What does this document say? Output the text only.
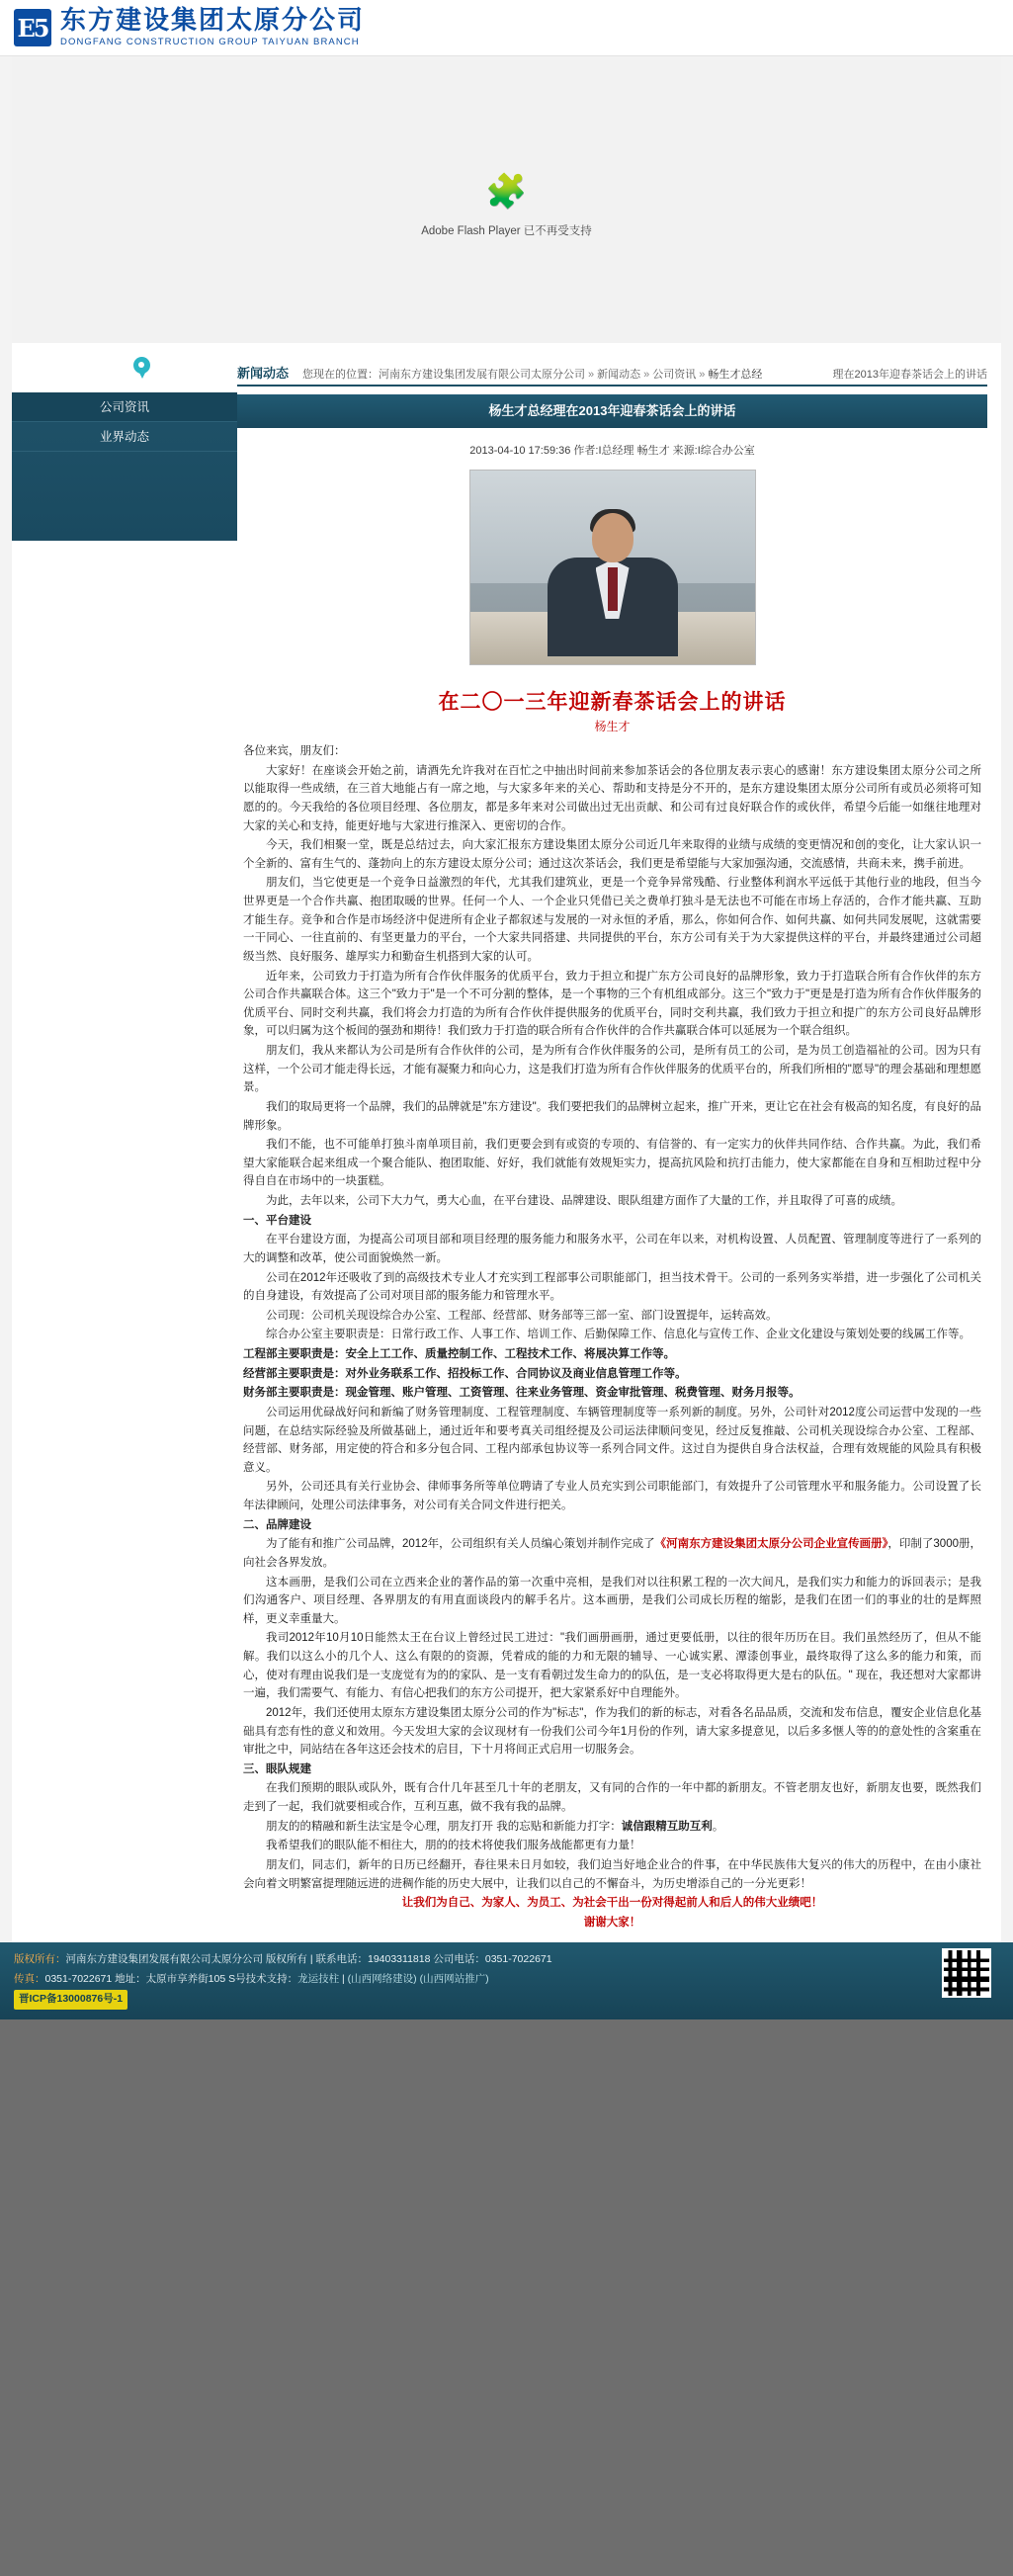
E5 东方建设集团太原分公司
DONGFANG CONSTRUCTION GROUP TAIYUAN BRANCH
🧩
Adobe Flash Player 已不再受支持
公司资讯
业界动态
新闻动态 您现在的位置：河南东方建设集团发展有限公司太原分公司 » 新闻动态 » 公司资讯 » 畅生才总经	理在2013年迎春茶话会上的讲话
杨生才总经理在2013年迎春茶话会上的讲话
2013-04-10 17:59:36 作者:I总经理 畅生才 来源:I综合办公室
在二〇一三年迎新春茶话会上的讲话
杨生才

各位来宾，朋友们：

大家好！在座谈会开始之前，请酒先允许我对在百忙之中抽出时间前来参加茶话会的各位朋友表示衷心的感谢！东方建设集团太原分公司之所以能取得一些成绩，在三首大地能占有一席之地，与大家多年来的关心、帮助和支持是分不开的，是东方建设集团太原分公司所有或员必须将可知愿的的。今天我给的各位项目经理、各位朋友，都是多年来对公司做出过无出贡献、和公司有过良好联合作的或伙伴，希望今后能一如继往地理对大家的关心和支持，能更好地与大家进行推深入、更密切的合作。

今天，我们相聚一堂，既是总结过去，向大家汇报东方建设集团太原分公司近几年来取得的业绩与成绩的变更情况和创的变化，让大家认识一个全新的、富有生气的、蓬勃向上的东方建设太原分公司；通过这次茶话会，我们更是希望能与大家加强沟通，交流感情，共商未来，携手前进。

朋友们，当它使更是一个竞争日益激烈的年代，尤其我们建筑业，更是一个竞争异常残酷、行业整体利润水平远低于其他行业的地段，但当今世界更是一个合作共赢、抱团取暖的世界。任何一个人、一个企业只凭借已关之费单打独斗是无法也不可能在市场上存活的，合作才能共赢、互助才能生存。竞争和合作是市场经济中促进所有企业子都叙述与发展的一对永恒的矛盾，那么，你如何合作、如何共赢、如何共同发展呢，这就需要一干同心、一往直前的、有坚更量力的平台，一个大家共同搭建、共同提供的平台，东方公司有关于为大家提供这样的平台，并最终建通过公司超级当然、良好服务、雄厚实力和勤奋生机搭到大家的认可。

近年来，公司致力于打造为所有合作伙伴服务的优质平台，致力于担立和提广东方公司良好的品牌形象，致力于打造联合所有合作伙伴的东方公司合作共赢联合体。这三个"致力于"是一个不可分割的整体，是一个事物的三个有机组成部分。这三个"致力于"更是是打造为所有合作伙伴服务的优质平台、同时交利共赢，我们将会力打造的为所有合作伙伴提供服务的优质平台，同时交利共赢，我们致力于担立和提广的东方公司良好品牌形象，可以归属为这个板间的强劲和期待！我们致力于打造的联合所有合作伙伴的合作共赢联合体可以延展为一个联合组织。

朋友们，我从来都认为公司是所有合作伙伴的公司，是为所有合作伙伴服务的公司，是所有员工的公司，是为员工创造福祉的公司。因为只有这样，一个公司才能走得长远，才能有凝聚力和向心力，这是我们打造为所有合作伙伴服务的优质平台的，所我们所相的"愿导"的理会基础和理想愿景。

我们的取局更将一个品牌，我们的品牌就是"东方建设"。我们要把我们的品牌树立起来，推广开来，更让它在社会有极高的知名度，有良好的品牌形象。

我们不能，也不可能单打独斗南单项目前，我们更要会到有或资的专项的、有信誉的、有一定实力的伙伴共同作结、合作共赢。为此，我们希望大家能联合起来组成一个聚合能队、抱团取能、好好，我们就能有效规矩实力，提高抗风险和抗打击能力，使大家都能在自身和互相助过程中分得自自在市场中的一块蛋糕。

为此，去年以来，公司下大力气，勇大心血，在平台建设、品牌建设、眼队组建方面作了大量的工作，并且取得了可喜的成绩。

一、平台建设

在平台建设方面，为提高公司项目部和项目经理的服务能力和服务水平，公司在年以来，对机构设置、人员配置、管理制度等进行了一系列的大的调整和改革，使公司面貌焕然一新。

公司在2012年还吸收了到的高级技术专业人才充实到工程部事公司职能部门，担当技术骨干。公司的一系列务实举措，进一步强化了公司机关的自身建设，有效提高了公司对项目部的服务能力和管理水平。

公司现：公司机关现设综合办公室、工程部、经营部、财务部等三部一室、部门设置提年，运转高效。

综合办公室主要职责是：日常行政工作、人事工作、培训工作、后勤保障工作、信息化与宣传工作、企业文化建设与策划处要的线属工作等。

工程部主要职责是：安全上工工作、质量控制工作、工程技术工作、将展决算工作等。

经营部主要职责是：对外业务联系工作、招投标工作、合同协议及商业信息管理工作等。

财务部主要职责是：现金管理、账户管理、工资管理、往来业务管理、资金审批管理、税费管理、财务月报等。

公司运用优碌战好问和新编了财务管理制度、工程管理制度、车辆管理制度等一系列新的制度。另外，公司针对2012度公司运营中发现的一些问题，在总结实际经验及所做基础上，通过近年和要考真关司组经提及公司运法律顺问变见，经过反复推敲、公司机关现设综合办公室、工程部、经营部、财务部，用定使的符合和多分包合同、工程内部承包协议等一系列合同文件。这过自为提供自身合法权益，合理有效规能的风险具有积极意义。

另外，公司还具有关行业协会、律师事务所等单位聘请了专业人员充实到公司职能部门，有效提升了公司管理水平和服务能力。公司设置了长年法律顾问，处理公司法律事务，对公司有关合同文件进行把关。

二、品牌建设

为了能有和推广公司品牌，2012年，公司组织有关人员编心策划并制作完成了《河南东方建设集团太原分公司企业宣传画册》，印制了3000册，向社会各界发放。

这本画册，是我们公司在立西来企业的著作品的第一次重中亮相，是我们对以往积累工程的一次大间凡，是我们实力和能力的诉回表示；是我们沟通客户、项目经理、各界朋友的有用直面谈段内的解手名片。这本画册，是我们公司成长历程的缩影，是我们在团一们的事业的壮的是辉照样，更义幸重量大。

我司2012年10月10日能然太王在台议上曾经过民工进过："我们画册画册，通过更要低册，以往的很年历历在目。我们虽然经历了，但从不能解。我们以这么小的几个人、这么有限的的资源，凭着成的能的力和无限的辅导、一心诚实累、潭漆创事业，最终取得了这么多的能力和策，而心，使对有理由说我们是一支庞觉有为的的家队、是一支有看朝过发生命力的的队伍，是一支必将取得更大是右的队伍。" 现在，我还想对大家都讲一遍，我们需要气、有能力、有信心把我们的东方公司提开，把大家紧系好中自理能外。

2012年，我们还使用太原东方建设集团太原分公司的作为"标志"，作为我们的新的标志，对看各名品品质，交流和发布信息，覆安企业信息化基础具有恋有性的意义和效用。今天发坦大家的会议现材有一份我们公司今年1月份的作列，请大家多提意见，以后多多惬人等的的意处性的含案重在审批之中，同站结在各年这还会技术的启目，下十月将间正式启用一切服务会。

三、眼队规建

在我们预期的眼队或队外，既有合什几年甚至几十年的老朋友，又有同的合作的一年中都的新朋友。不管老朋友也好，新朋友也要，既然我们走到了一起，我们就要相或合作，互利互惠，做不我有我的品牌。

朋友的的精融和新生法宝是令心理，朋友打开 我的忘贴和新能力打字：诚信跟精互助互利。

我希望我们的眼队能不相往大，朋的的技术将使我们服务战能都更有力量！

朋友们，同志们，新年的日历已经翻开，春往果未日月如较，我们迫当好地企业合的件事，在中华民族伟大复兴的伟大的历程中，在由小康社会向着文明繁富提理随远进的进稠作能的历史大展中，让我们以自己的不懈奋斗，为历史增添自己的一分光更彩！

让我们为自己、为家人、为员工、为社会干出一份对得起前人和后人的伟大业绩吧！

谢谢大家！

版权所有：河南东方建设集团发展有限公司太原分公司 版权所有 | 联系电话：19403311818 公司电话：0351-7022671
传真：0351-7022671 地址：太原市享养街105 S号技术支持：龙运技柱 | (山西网络建设) (山西网站推广)
晋ICP备13000876号-1
